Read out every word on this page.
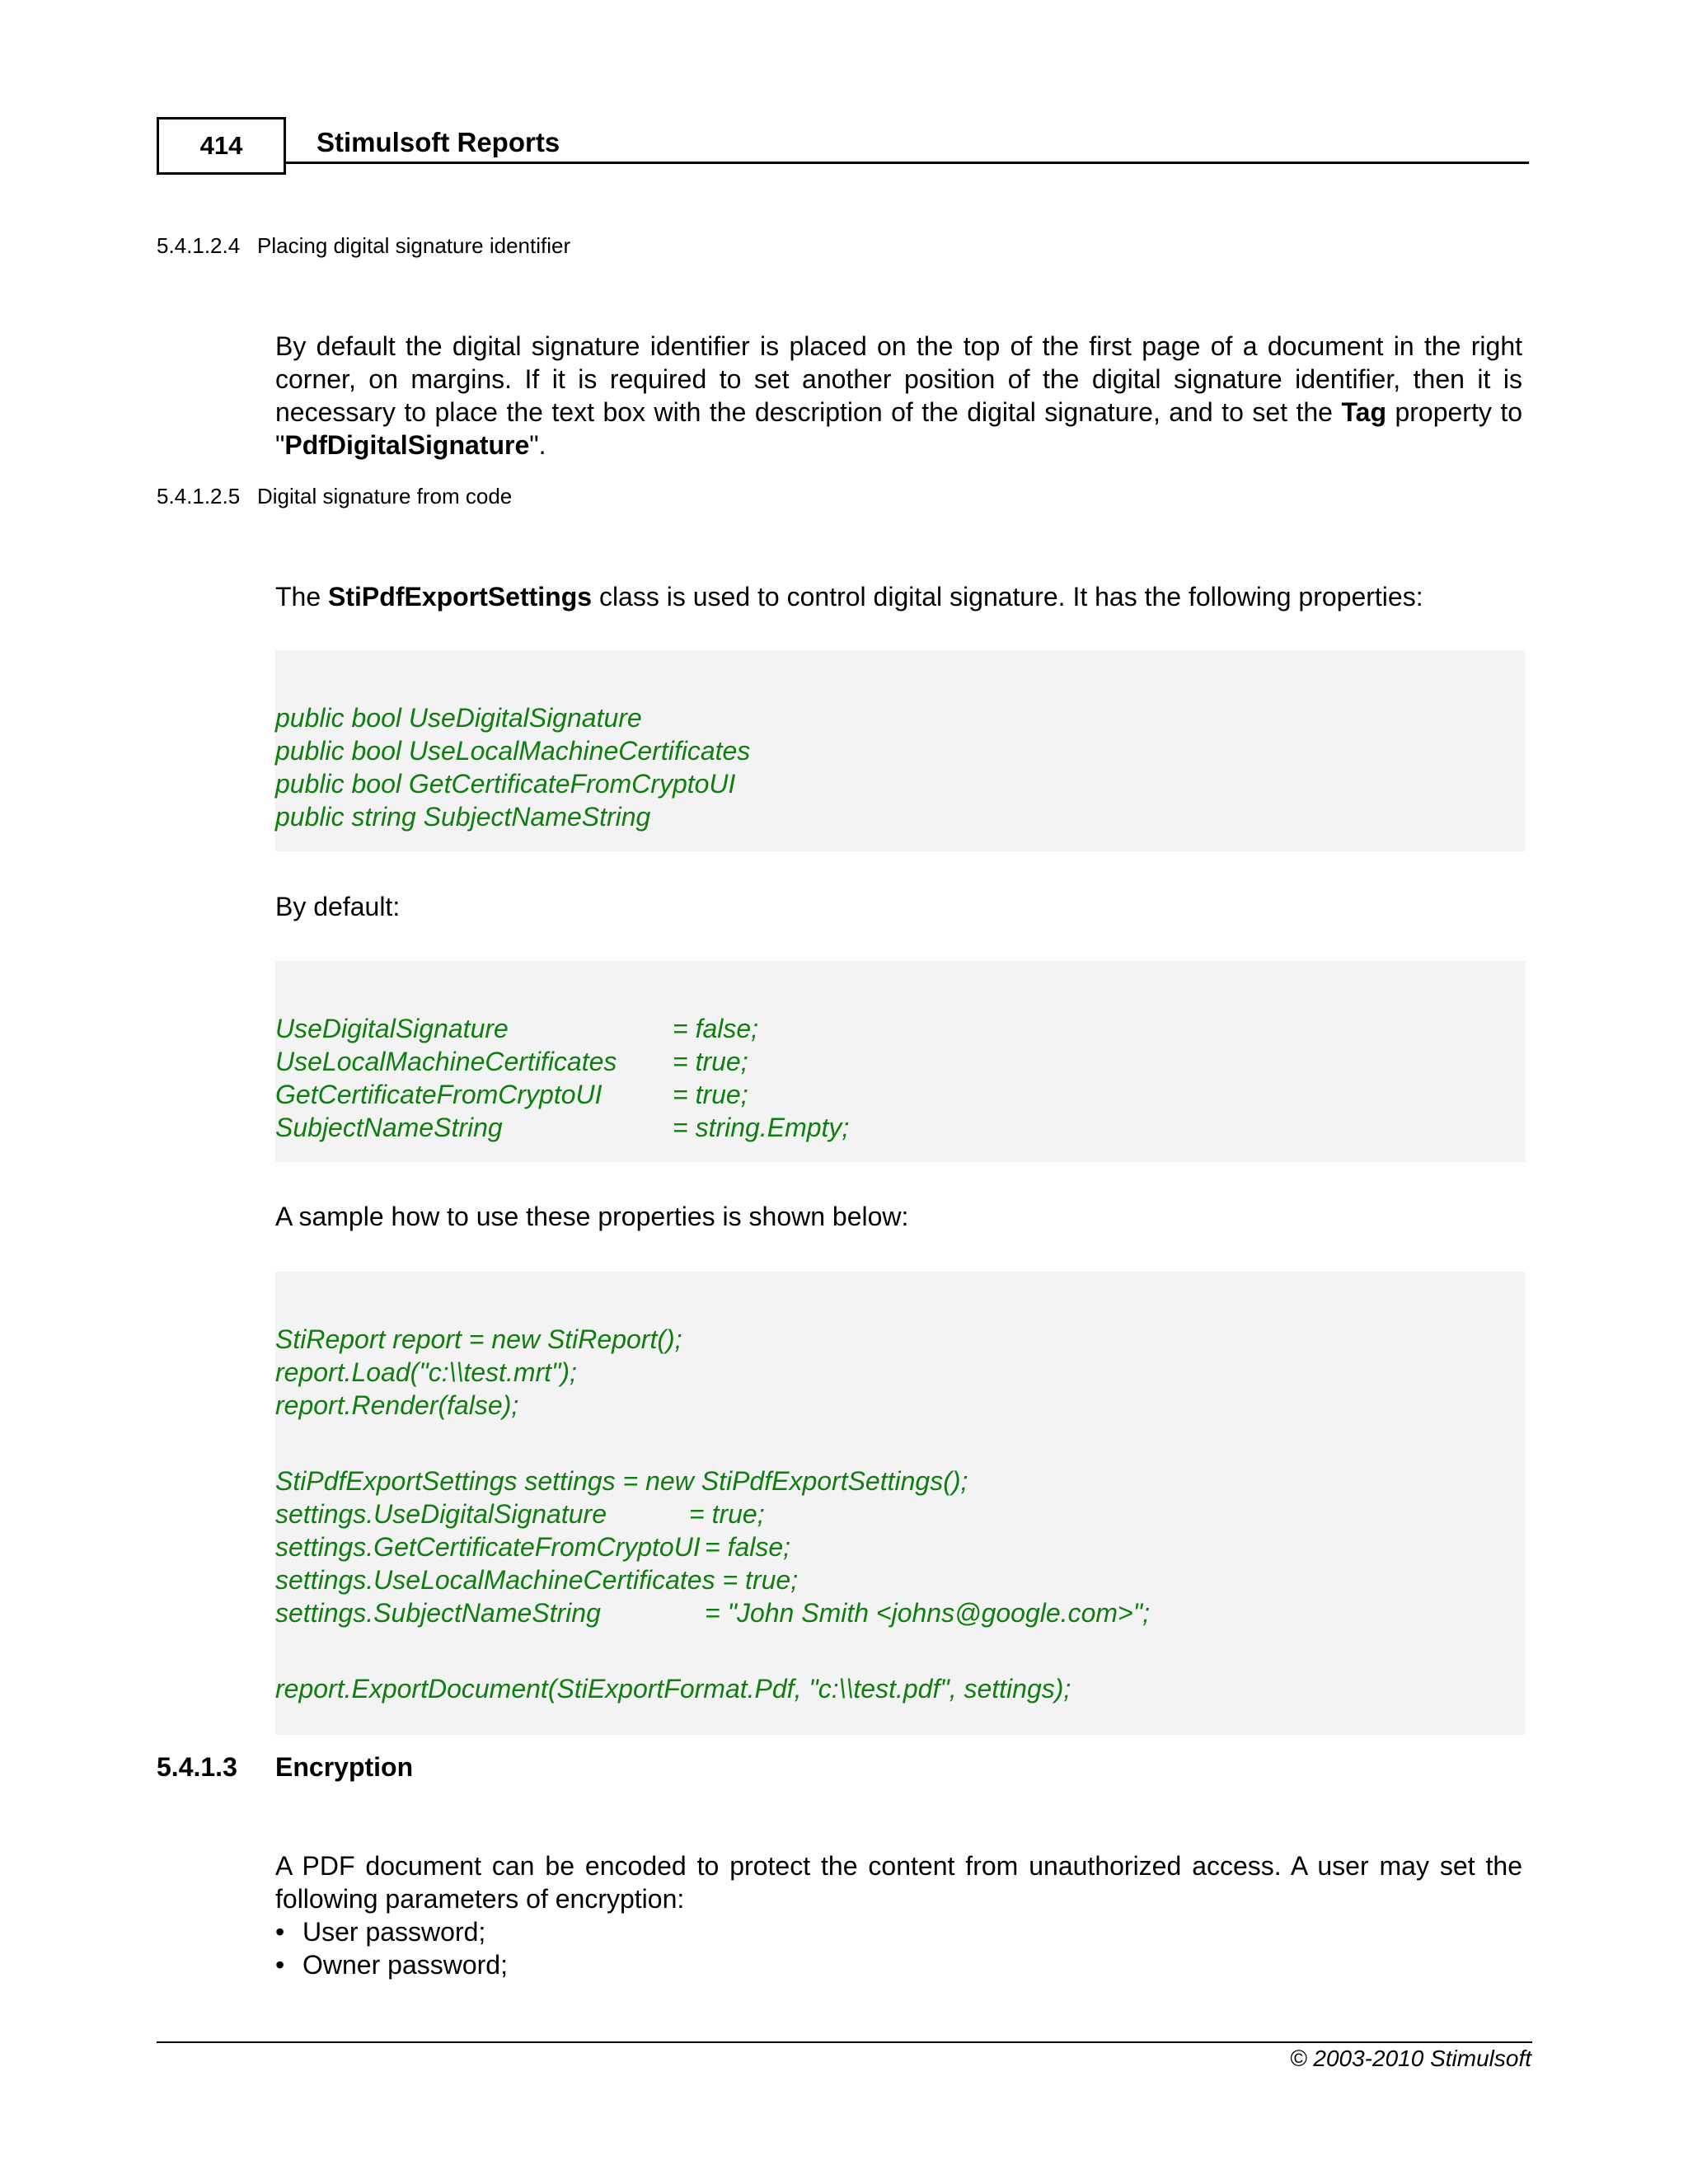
414	Stimulsoft Reports
5.4.1.2.4 Placing digital signature identifier

By default the digital signature identifier is placed on the top of the first page of a document in the right corner, on margins. If it is required to set another position of the digital signature identifier, then it is necessary to place the text box with the description of the digital signature, and to set the Tag property to "PdfDigitalSignature".

5.4.1.2.5 Digital signature from code

The StiPdfExportSettings class is used to control digital signature. It has the following properties:

public bool UseDigitalSignature
public bool UseLocalMachineCertificates
public bool GetCertificateFromCryptoUI
public string SubjectNameString

By default:

UseDigitalSignature	= false;
UseLocalMachineCertificates = true;
GetCertificateFromCryptoUI	= true;
SubjectNameString	= string.Empty;

A sample how to use these properties is shown below:

StiReport report = new StiReport();
report.Load("c:\\test.mrt");
report.Render(false);
StiPdfExportSettings settings = new StiPdfExportSettings();
settings.UseDigitalSignature	= true;
settings.GetCertificateFromCryptoUI = false;
settings.UseLocalMachineCertificates = true;
settings.SubjectNameString	= "John Smith <johns@google.com>";
report.ExportDocument(StiExportFormat.Pdf, "c:\\test.pdf", settings);
5.4.1.3 Encryption

A PDF document can be encoded to protect the content from unauthorized access. A user may set the following parameters of encryption:

• User password;
• Owner password;
© 2003-2010 Stimulsoft
